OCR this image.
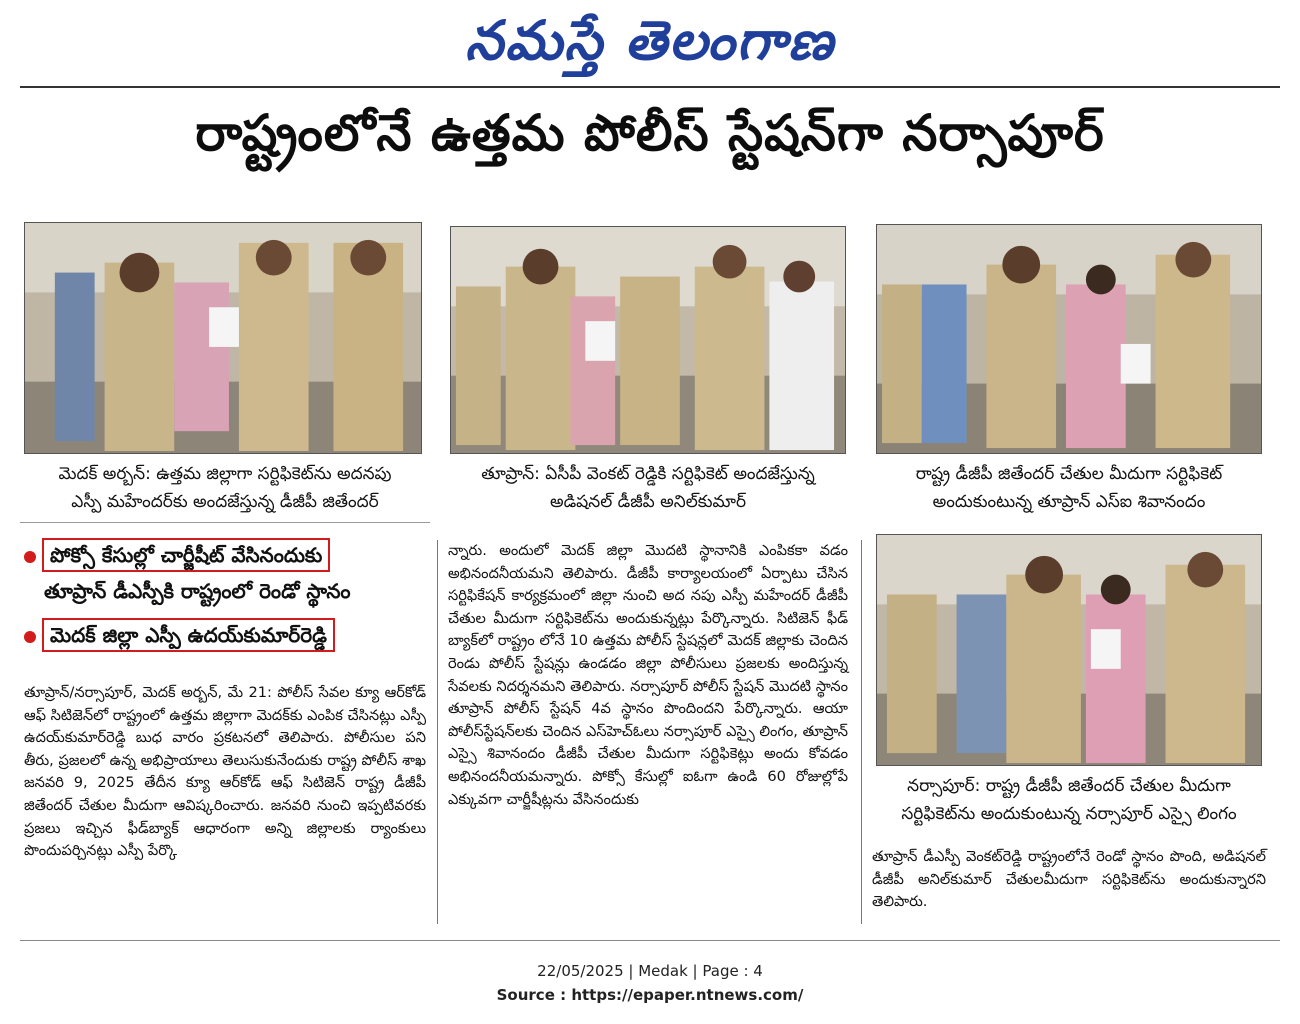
నమస్తే తెలంగాణ
రాష్ట్రంలోనే ఉత్తమ పోలీస్ స్టేషన్‌గా నర్సాపూర్
మెదక్ అర్బన్: ఉత్తమ జిల్లాగా సర్టిఫికెట్‌ను అదనపు
ఎస్పీ మహేందర్‌కు అందజేస్తున్న డీజీపీ జితేందర్
తూప్రాన్: ఏసీపీ వెంకట్ రెడ్డికి సర్టిఫికెట్ అందజేస్తున్న
అడిషనల్ డీజీపీ అనిల్‌కుమార్
రాష్ట్ర డీజీపీ జితేందర్ చేతుల మీదుగా సర్టిఫికెట్
అందుకుంటున్న తూప్రాన్ ఎస్ఐ శివానందం
నర్సాపూర్: రాష్ట్ర డీజీపీ జితేందర్ చేతుల మీదుగా
సర్టిఫికెట్‌ను అందుకుంటున్న నర్సాపూర్ ఎస్సై లింగం
పోక్సో కేసుల్లో చార్జీషీట్ వేసినందుకు
తూప్రాన్ డీఎస్పీకి రాష్ట్రంలో రెండో స్థానం
మెదక్ జిల్లా ఎస్పీ ఉదయ్‌కుమార్‌రెడ్డి

తూప్రాన్/నర్సాపూర్, మెదక్ అర్బన్, మే 21: పోలీస్ సేవల క్యూ ఆర్‌కోడ్ ఆఫ్ సిటిజెన్‌లో రాష్ట్రంలో ఉత్తమ జిల్లాగా మెదక్‌కు ఎంపిక చేసినట్లు ఎస్పీ ఉదయ్‌కుమార్‌రెడ్డి బుధ వారం ప్రకటనలో తెలిపారు. పోలీసుల పని తీరు, ప్రజలలో ఉన్న అభిప్రాయాలు తెలుసుకునేందుకు రాష్ట్ర పోలీస్ శాఖ జనవరి 9, 2025 తేదీన క్యూ ఆర్‌కోడ్ ఆఫ్ సిటిజెన్ రాష్ట్ర డీజీపీ జితేందర్ చేతుల మీదుగా ఆవిష్కరించారు. జనవరి నుంచి ఇప్పటివరకు ప్రజలు ఇచ్చిన ఫీడ్‌బ్యాక్ ఆధారంగా అన్ని జిల్లాలకు ర్యాంకులు పొందుపర్చినట్లు ఎస్పీ పేర్కొ

న్నారు. అందులో మెదక్ జిల్లా మొదటి స్థానానికి ఎంపికకా వడం అభినందనీయమని తెలిపారు. డీజీపీ కార్యాలయంలో ఏర్పాటు చేసిన సర్టిఫికేషన్ కార్యక్రమంలో జిల్లా నుంచి అద నపు ఎస్పీ మహేందర్ డీజీపీ చేతుల మీదుగా సర్టిఫికెట్‌ను అందుకున్నట్లు పేర్కొన్నారు. సిటిజెన్ ఫీడ్ బ్యాక్‌లో రాష్ట్రం లోనే 10 ఉత్తమ పోలీస్ స్టేషన్లలో మెదక్ జిల్లాకు చెందిన రెండు పోలీస్ స్టేషన్లు ఉండడం జిల్లా పోలీసులు ప్రజలకు అందిస్తున్న సేవలకు నిదర్శనమని తెలిపారు. నర్సాపూర్ పోలీస్ స్టేషన్ మొదటి స్థానం తూప్రాన్ పోలీస్ స్టేషన్ 4వ స్థానం పొందిందని పేర్కొన్నారు. ఆయా పోలీస్‌స్టేషన్‌లకు చెందిన ఎస్‌హెచ్‌ఓలు నర్సాపూర్ ఎస్సై లింగం, తూప్రాన్ ఎస్సై శివానందం డీజీపీ చేతుల మీదుగా సర్టిఫికెట్లు అందు కోవడం అభినందనీయమన్నారు. పోక్సో కేసుల్లో ఐఓగా ఉండి 60 రోజుల్లోపే ఎక్కువగా చార్జీషీట్లను వేసినందుకు

తూప్రాన్ డీఎస్పీ వెంకట్‌రెడ్డి రాష్ట్రంలోనే రెండో స్థానం పొంది, అడిషనల్ డీజీపీ అనిల్‌కుమార్ చేతులమీదుగా సర్టిఫికెట్‌ను అందుకున్నారని తెలిపారు.

22/05/2025 | Medak | Page : 4
Source : https://epaper.ntnews.com/
